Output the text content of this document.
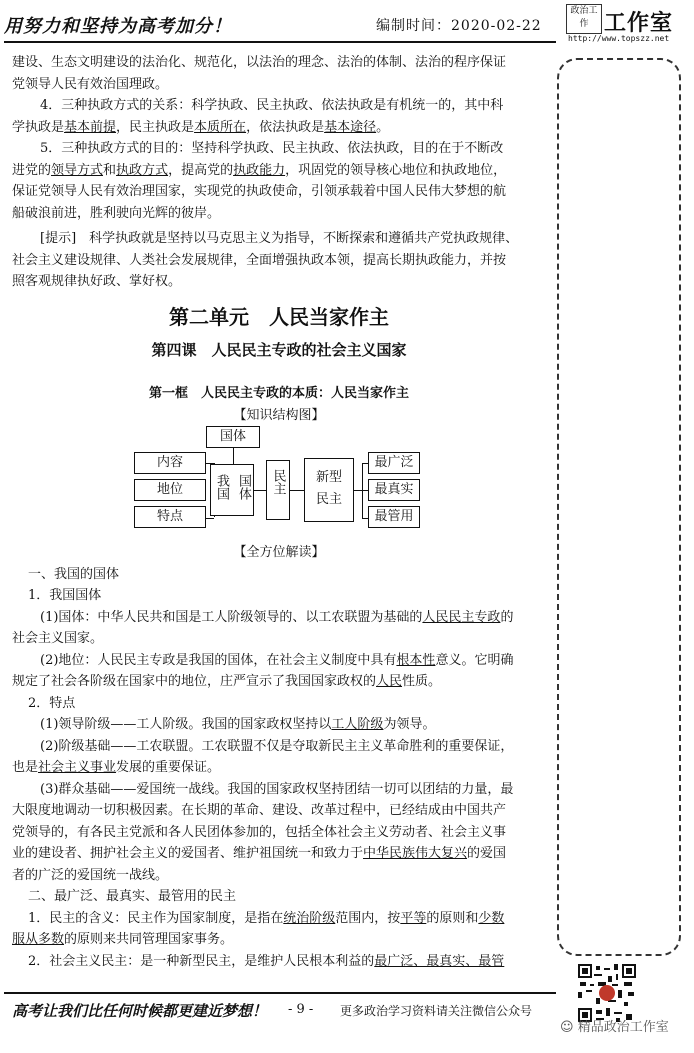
用努力和坚持为高考加分！	编制时间：2020-02-22
政治工作 工作室
http://www.topszz.net
建设、生态文明建设的法治化、规范化，以法治的理念、法治的体制、法治的程序保证
党领导人民有效治国理政。
4．三种执政方式的关系：科学执政、民主执政、依法执政是有机统一的，其中科
学执政是基本前提，民主执政是本质所在，依法执政是基本途径。
5．三种执政方式的目的：坚持科学执政、民主执政、依法执政，目的在于不断改
进党的领导方式和执政方式，提高党的执政能力，巩固党的领导核心地位和执政地位，
保证党领导人民有效治理国家，实现党的执政使命，引领承载着中国人民伟大梦想的航
船破浪前进，胜利驶向光辉的彼岸。
[提示]　科学执政就是坚持以马克思主义为指导，不断探索和遵循共产党执政规律、
社会主义建设规律、人类社会发展规律，全面增强执政本领，提高长期执政能力，并按
照客观规律执好政、掌好权。
第二单元　人民当家作主
第四课　人民民主专政的社会主义国家
第一框　人民民主专政的本质：人民当家作主
【知识结构图】
国体
内容
地位
特点
我国 国体	民主	新型
民主
最广泛
最真实
最管用
【全方位解读】
一、我国的国体
1．我国国体
(1)国体：中华人民共和国是工人阶级领导的、以工农联盟为基础的人民民主专政的
社会主义国家。
(2)地位：人民民主专政是我国的国体，在社会主义制度中具有根本性意义。它明确
规定了社会各阶级在国家中的地位，庄严宣示了我国国家政权的人民性质。
2．特点
(1)领导阶级——工人阶级。我国的国家政权坚持以工人阶级为领导。
(2)阶级基础——工农联盟。工农联盟不仅是夺取新民主主义革命胜利的重要保证，
也是社会主义事业发展的重要保证。
(3)群众基础——爱国统一战线。我国的国家政权坚持团结一切可以团结的力量，最
大限度地调动一切积极因素。在长期的革命、建设、改革过程中，已经结成由中国共产
党领导的，有各民主党派和各人民团体参加的，包括全体社会主义劳动者、社会主义事
业的建设者、拥护社会主义的爱国者、维护祖国统一和致力于中华民族伟大复兴的爱国
者的广泛的爱国统一战线。
二、最广泛、最真实、最管用的民主
1．民主的含义：民主作为国家制度，是指在统治阶级范围内，按平等的原则和少数
服从多数的原则来共同管理国家事务。
2．社会主义民主：是一种新型民主，是维护人民根本利益的最广泛、最真实、最管
高考让我们比任何时候都更建近梦想！ - 9 - 更多政治学习资料请关注微信公众号
☺ 精品政治工作室
